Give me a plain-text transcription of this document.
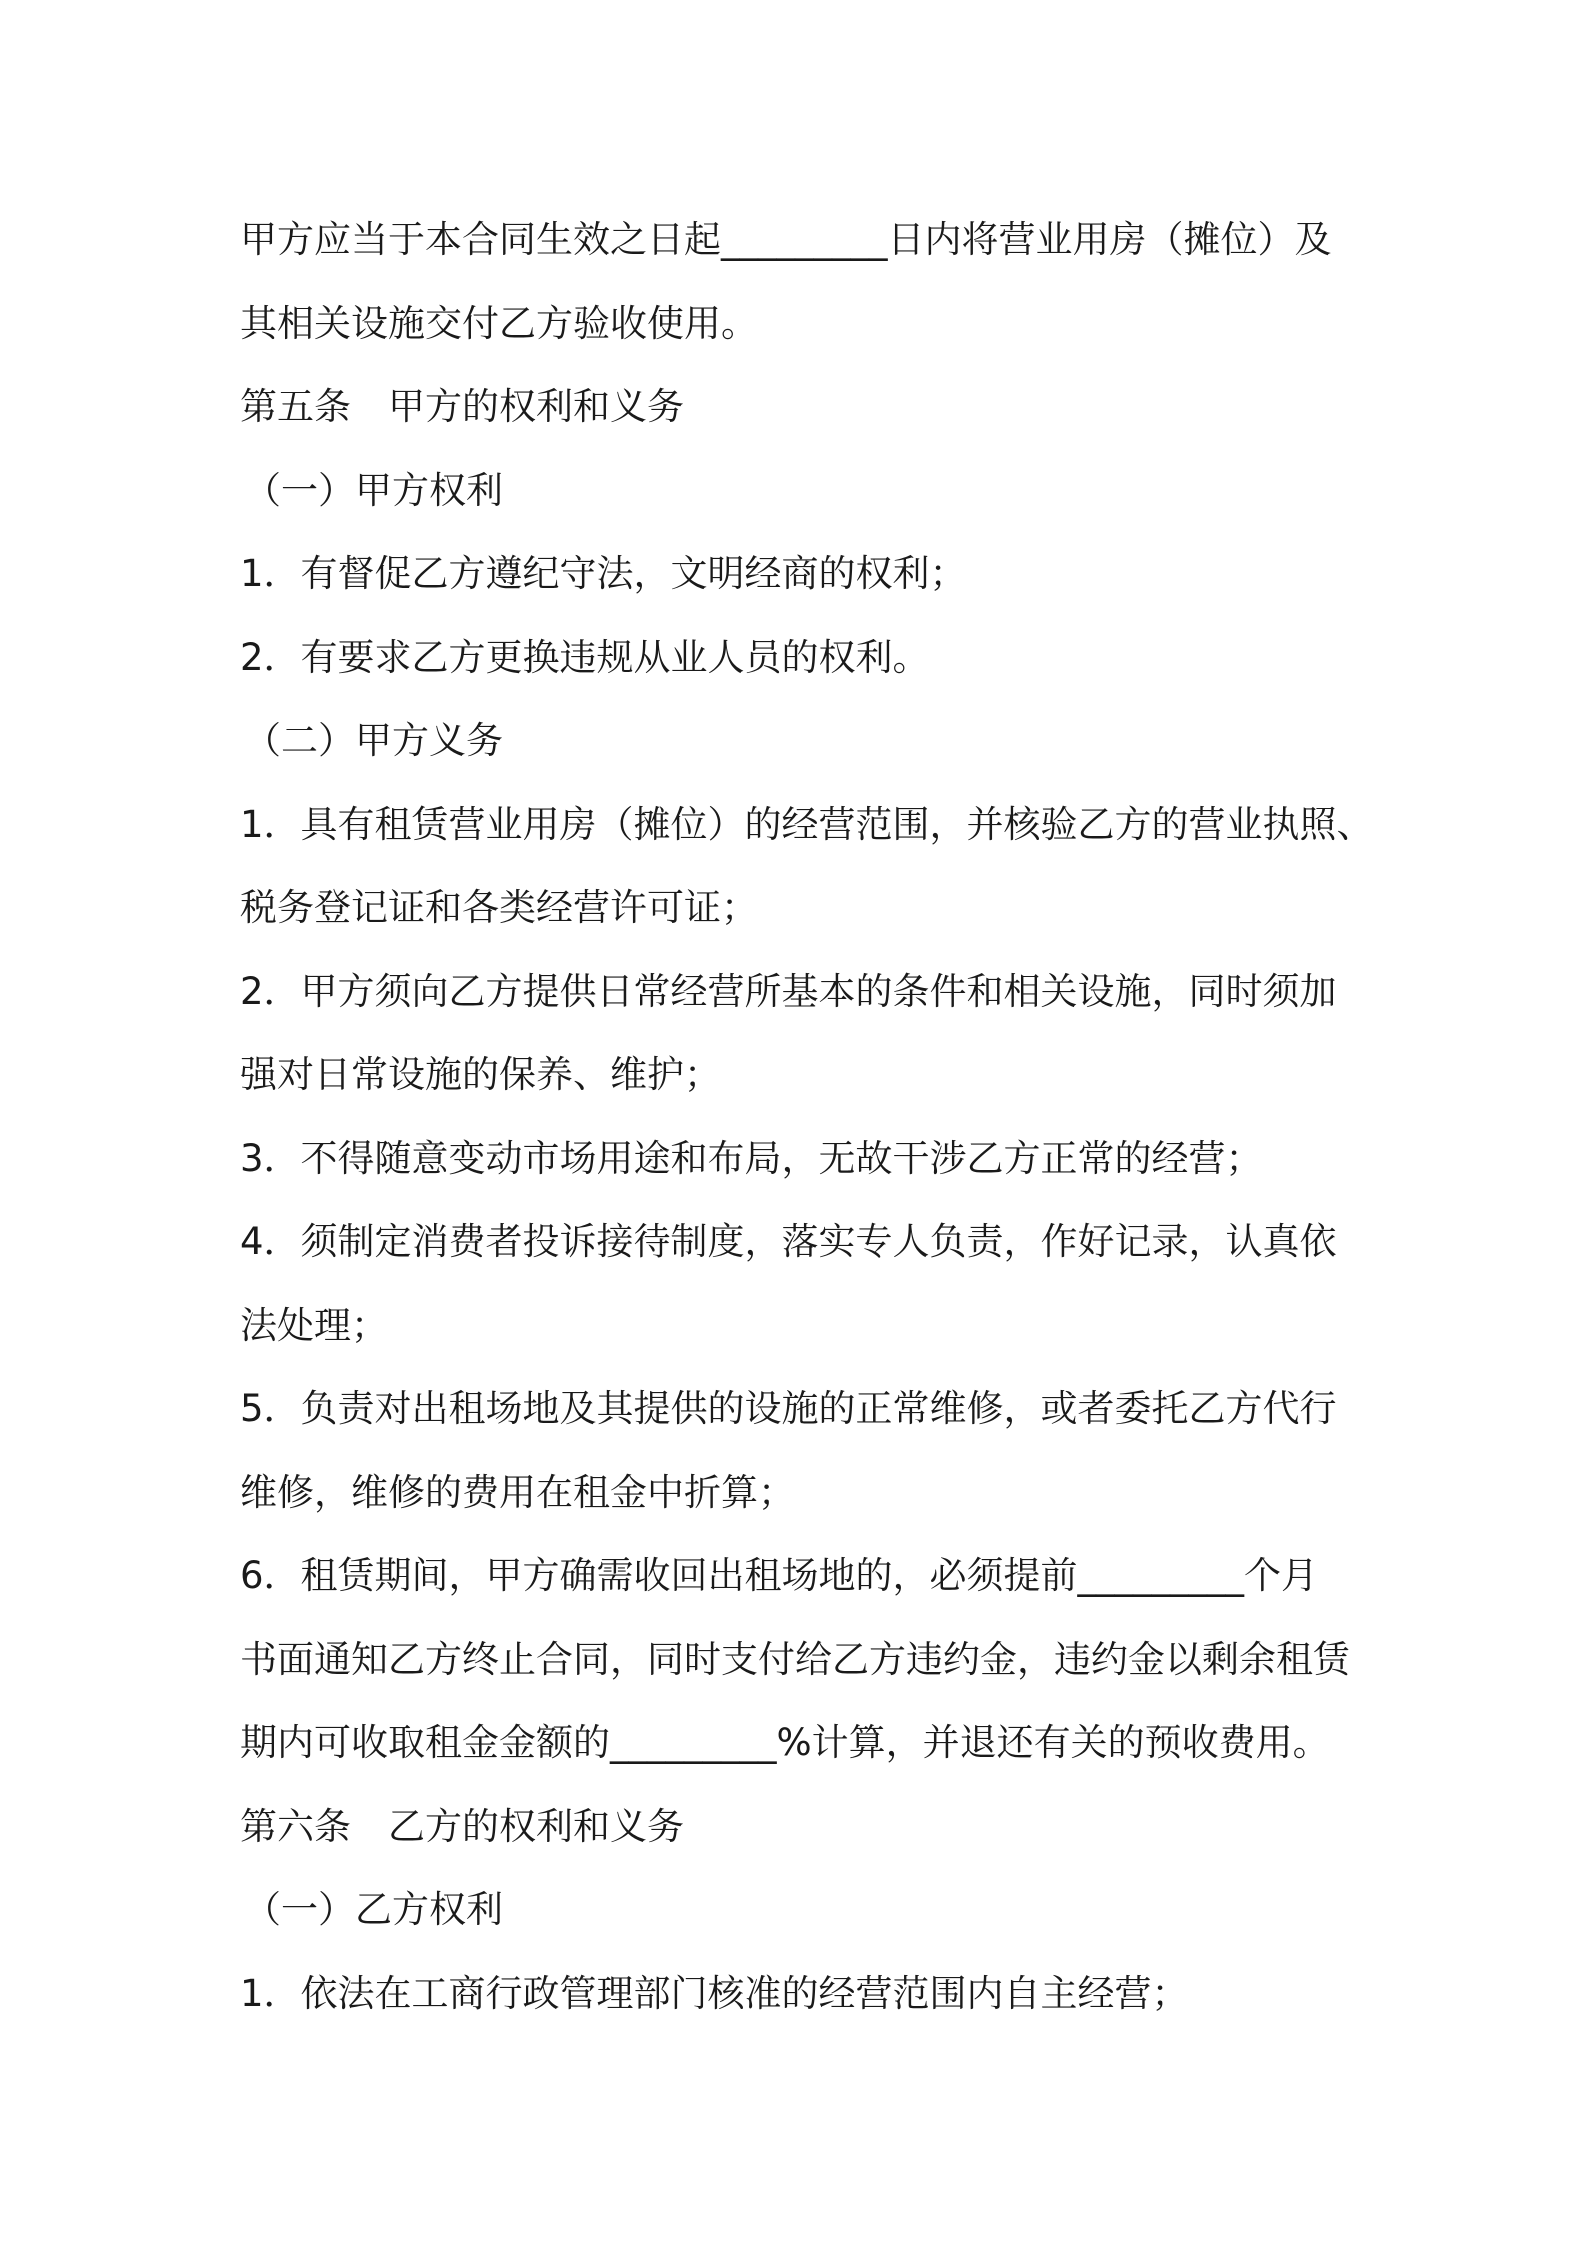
甲方应当于本合同生效之日起_________日内将营业用房（摊位）及
其相关设施交付乙方验收使用。
第五条　甲方的权利和义务
（一）甲方权利
1．有督促乙方遵纪守法，文明经商的权利；
2．有要求乙方更换违规从业人员的权利。
（二）甲方义务
1．具有租赁营业用房（摊位）的经营范围，并核验乙方的营业执照、
税务登记证和各类经营许可证；
2．甲方须向乙方提供日常经营所基本的条件和相关设施，同时须加
强对日常设施的保养、维护；
3．不得随意变动市场用途和布局，无故干涉乙方正常的经营；
4．须制定消费者投诉接待制度，落实专人负责，作好记录，认真依
法处理；
5．负责对出租场地及其提供的设施的正常维修，或者委托乙方代行
维修，维修的费用在租金中折算；
6．租赁期间，甲方确需收回出租场地的，必须提前_________个月
书面通知乙方终止合同，同时支付给乙方违约金，违约金以剩余租赁
期内可收取租金金额的_________%计算，并退还有关的预收费用。
第六条　乙方的权利和义务
（一）乙方权利
1．依法在工商行政管理部门核准的经营范围内自主经营；
